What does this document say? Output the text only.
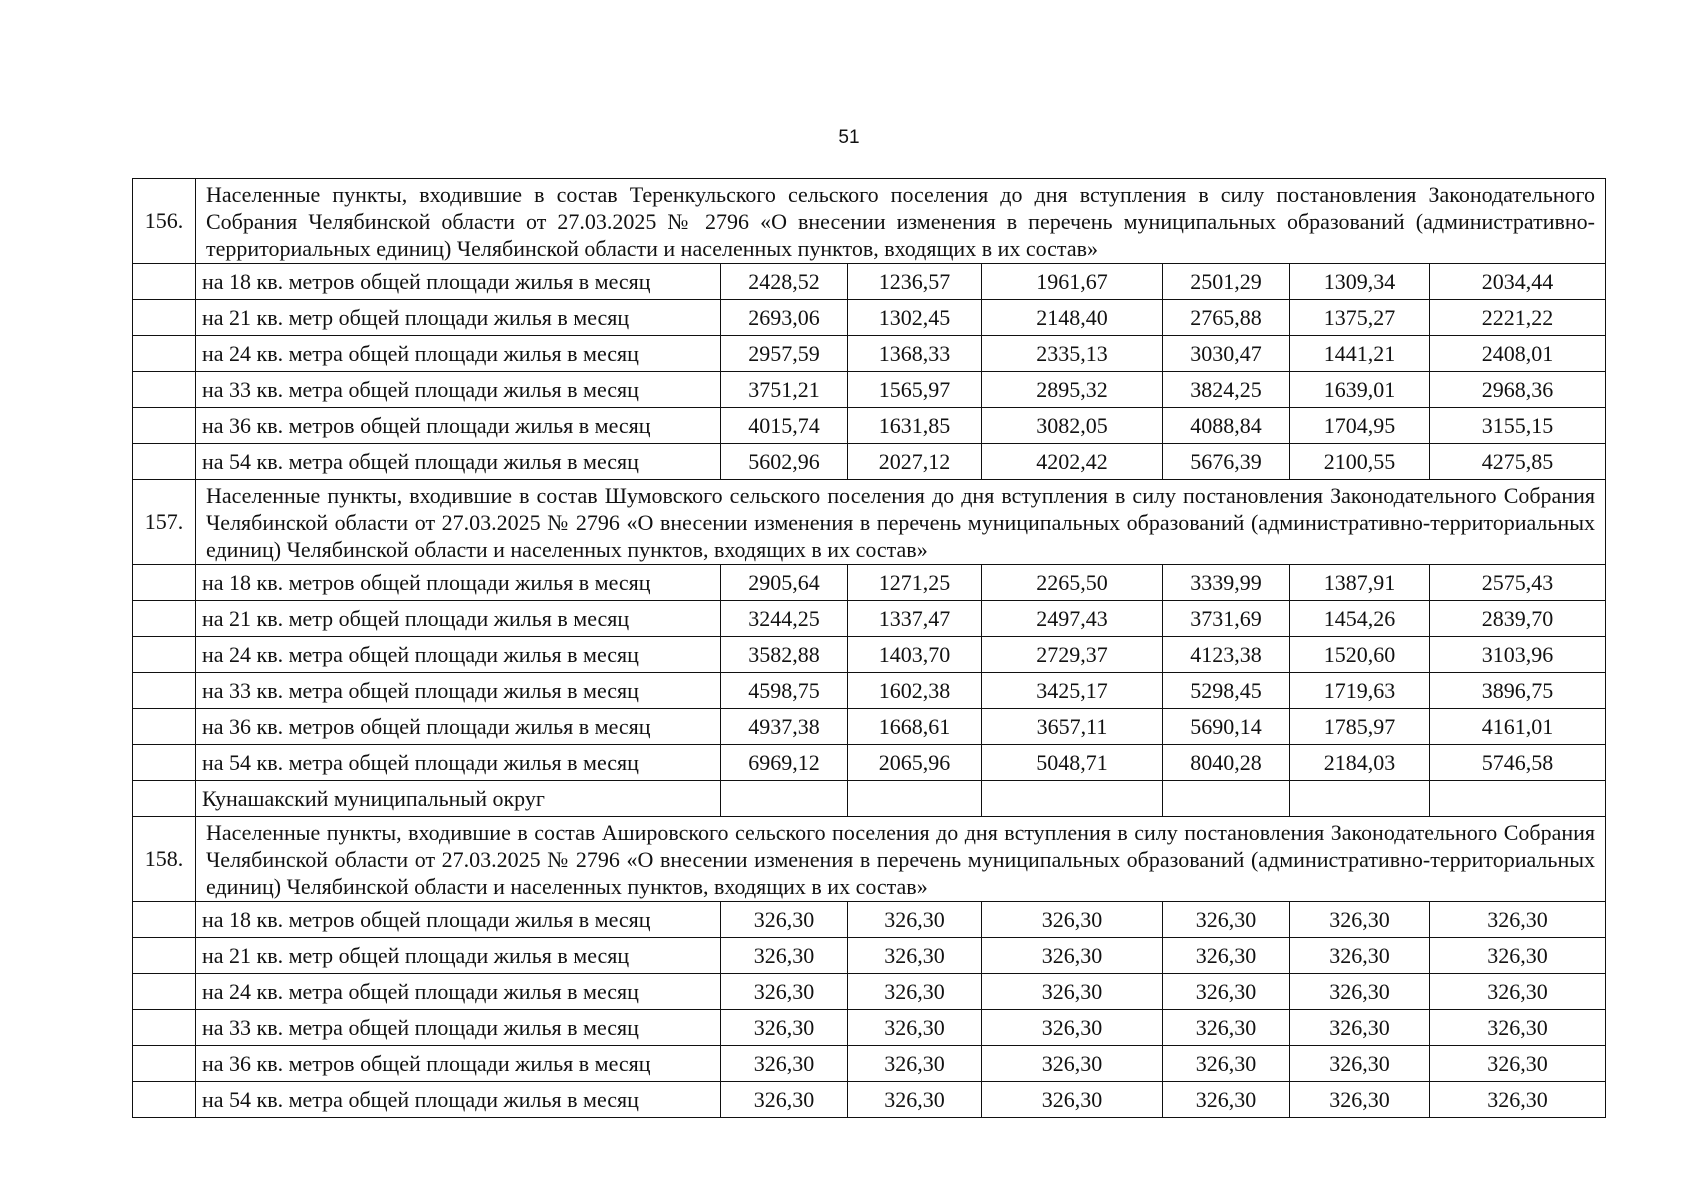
51
156.	Населенные пункты, входившие в состав Теренкульского сельского поселения до дня вступления в силу постановления Законодательного Собрания Челябинской области от 27.03.2025 № 2796 «О внесении изменения в перечень муниципальных образований (административно-территориальных единиц) Челябинской области и населенных пунктов, входящих в их состав»						
	на 18 кв. метров общей площади жилья в месяц	2428,52	1236,57	1961,67	2501,29	1309,34	2034,44
	на 21 кв. метр общей площади жилья в месяц	2693,06	1302,45	2148,40	2765,88	1375,27	2221,22
	на 24 кв. метра общей площади жилья в месяц	2957,59	1368,33	2335,13	3030,47	1441,21	2408,01
	на 33 кв. метра общей площади жилья в месяц	3751,21	1565,97	2895,32	3824,25	1639,01	2968,36
	на 36 кв. метров общей площади жилья в месяц	4015,74	1631,85	3082,05	4088,84	1704,95	3155,15
	на 54 кв. метра общей площади жилья в месяц	5602,96	2027,12	4202,42	5676,39	2100,55	4275,85
157.	Населенные пункты, входившие в состав Шумовского сельского поселения до дня вступления в силу постановления Законодательного Собрания Челябинской области от 27.03.2025 № 2796 «О внесении изменения в перечень муниципальных образований (административно-территориальных единиц) Челябинской области и населенных пунктов, входящих в их состав»						
	на 18 кв. метров общей площади жилья в месяц	2905,64	1271,25	2265,50	3339,99	1387,91	2575,43
	на 21 кв. метр общей площади жилья в месяц	3244,25	1337,47	2497,43	3731,69	1454,26	2839,70
	на 24 кв. метра общей площади жилья в месяц	3582,88	1403,70	2729,37	4123,38	1520,60	3103,96
	на 33 кв. метра общей площади жилья в месяц	4598,75	1602,38	3425,17	5298,45	1719,63	3896,75
	на 36 кв. метров общей площади жилья в месяц	4937,38	1668,61	3657,11	5690,14	1785,97	4161,01
	на 54 кв. метра общей площади жилья в месяц	6969,12	2065,96	5048,71	8040,28	2184,03	5746,58
	Кунашакский муниципальный округ						
158.	Населенные пункты, входившие в состав Ашировского сельского поселения до дня вступления в силу постановления Законодательного Собрания Челябинской области от 27.03.2025 № 2796 «О внесении изменения в перечень муниципальных образований (административно-территориальных единиц) Челябинской области и населенных пунктов, входящих в их состав»						
	на 18 кв. метров общей площади жилья в месяц	326,30	326,30	326,30	326,30	326,30	326,30
	на 21 кв. метр общей площади жилья в месяц	326,30	326,30	326,30	326,30	326,30	326,30
	на 24 кв. метра общей площади жилья в месяц	326,30	326,30	326,30	326,30	326,30	326,30
	на 33 кв. метра общей площади жилья в месяц	326,30	326,30	326,30	326,30	326,30	326,30
	на 36 кв. метров общей площади жилья в месяц	326,30	326,30	326,30	326,30	326,30	326,30
	на 54 кв. метра общей площади жилья в месяц	326,30	326,30	326,30	326,30	326,30	326,30
